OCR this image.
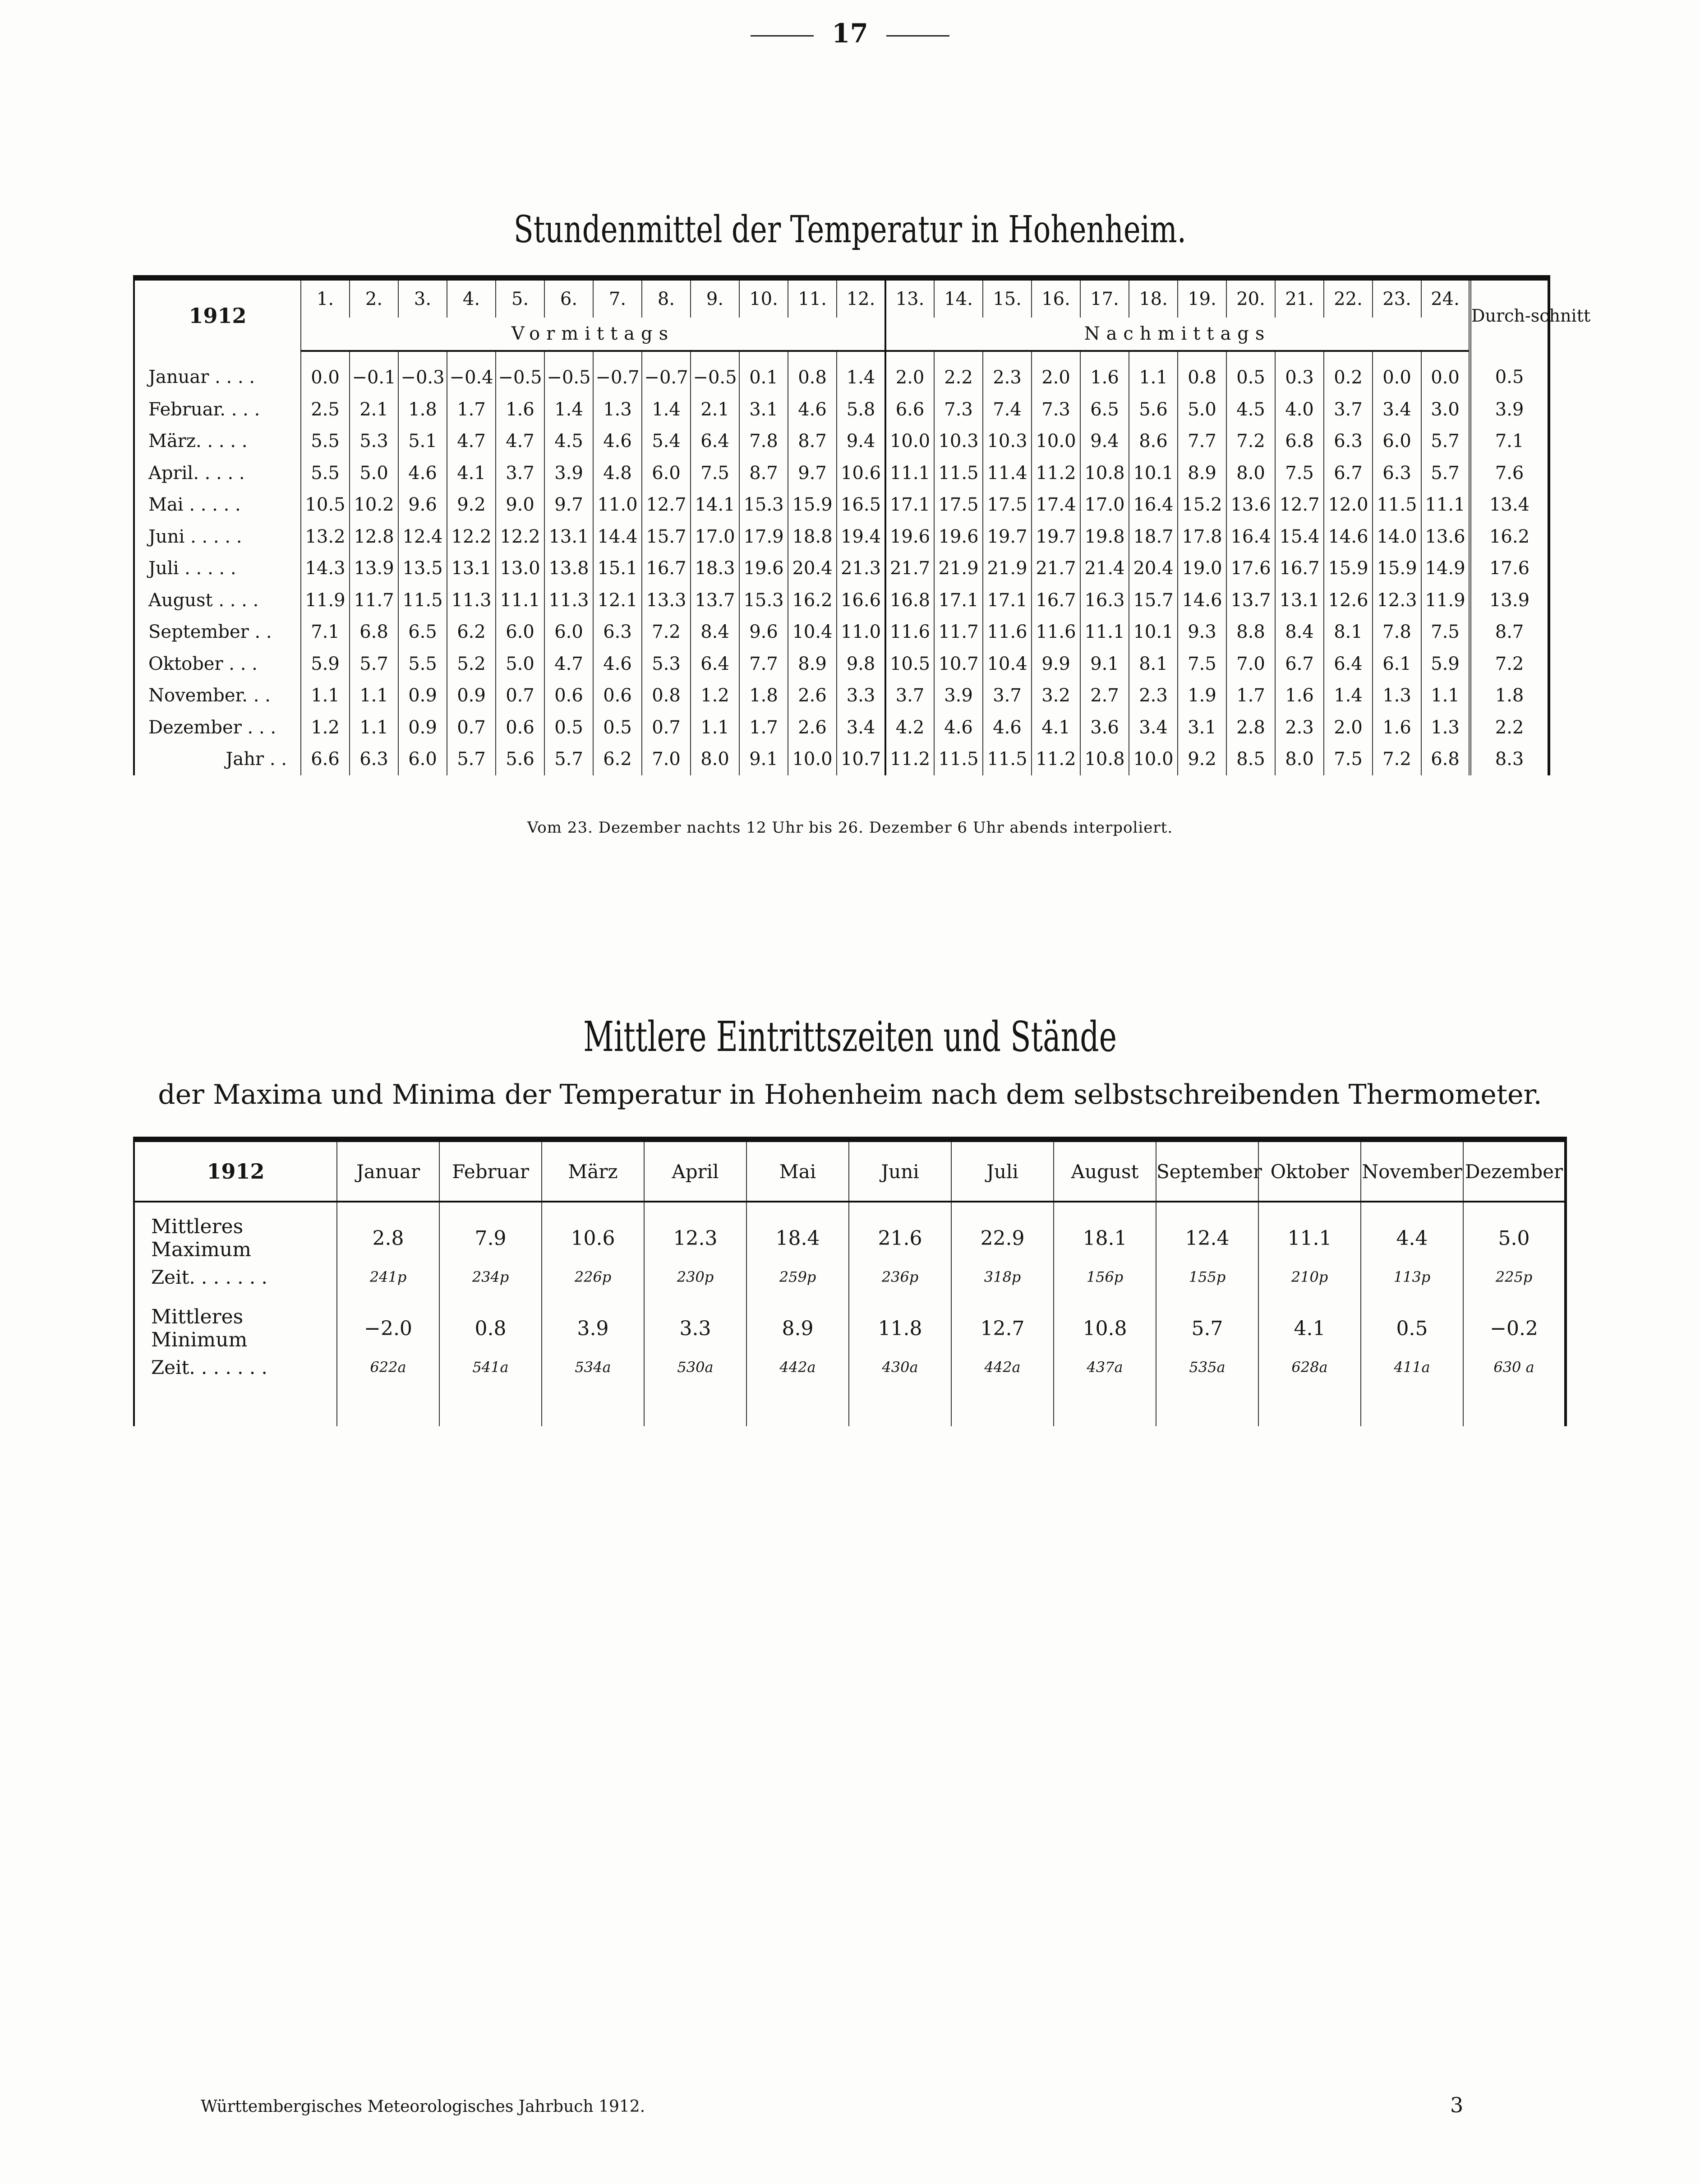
17
Stundenmittel der Temperatur in Hohenheim.
1912	1.	2.	3.	4.	5.	6.	7.	8.	9.	10.	11.	12.	13.	14.	15.	16.	17.	18.	19.	20.	21.	22.	23.	24.	Durch-schnitt
	Vormittags												Nachmittags												
Januar . . . .	0.0	−0.1	−0.3	−0.4	−0.5	−0.5	−0.7	−0.7	−0.5	0.1	0.8	1.4	2.0	2.2	2.3	2.0	1.6	1.1	0.8	0.5	0.3	0.2	0.0	0.0	0.5
Februar. . . .	2.5	2.1	1.8	1.7	1.6	1.4	1.3	1.4	2.1	3.1	4.6	5.8	6.6	7.3	7.4	7.3	6.5	5.6	5.0	4.5	4.0	3.7	3.4	3.0	3.9
März. . . . .	5.5	5.3	5.1	4.7	4.7	4.5	4.6	5.4	6.4	7.8	8.7	9.4	10.0	10.3	10.3	10.0	9.4	8.6	7.7	7.2	6.8	6.3	6.0	5.7	7.1
April. . . . .	5.5	5.0	4.6	4.1	3.7	3.9	4.8	6.0	7.5	8.7	9.7	10.6	11.1	11.5	11.4	11.2	10.8	10.1	8.9	8.0	7.5	6.7	6.3	5.7	7.6
Mai . . . . .	10.5	10.2	9.6	9.2	9.0	9.7	11.0	12.7	14.1	15.3	15.9	16.5	17.1	17.5	17.5	17.4	17.0	16.4	15.2	13.6	12.7	12.0	11.5	11.1	13.4
Juni . . . . .	13.2	12.8	12.4	12.2	12.2	13.1	14.4	15.7	17.0	17.9	18.8	19.4	19.6	19.6	19.7	19.7	19.8	18.7	17.8	16.4	15.4	14.6	14.0	13.6	16.2
Juli . . . . .	14.3	13.9	13.5	13.1	13.0	13.8	15.1	16.7	18.3	19.6	20.4	21.3	21.7	21.9	21.9	21.7	21.4	20.4	19.0	17.6	16.7	15.9	15.9	14.9	17.6
August . . . .	11.9	11.7	11.5	11.3	11.1	11.3	12.1	13.3	13.7	15.3	16.2	16.6	16.8	17.1	17.1	16.7	16.3	15.7	14.6	13.7	13.1	12.6	12.3	11.9	13.9
September . .	7.1	6.8	6.5	6.2	6.0	6.0	6.3	7.2	8.4	9.6	10.4	11.0	11.6	11.7	11.6	11.6	11.1	10.1	9.3	8.8	8.4	8.1	7.8	7.5	8.7
Oktober . . .	5.9	5.7	5.5	5.2	5.0	4.7	4.6	5.3	6.4	7.7	8.9	9.8	10.5	10.7	10.4	9.9	9.1	8.1	7.5	7.0	6.7	6.4	6.1	5.9	7.2
November. . .	1.1	1.1	0.9	0.9	0.7	0.6	0.6	0.8	1.2	1.8	2.6	3.3	3.7	3.9	3.7	3.2	2.7	2.3	1.9	1.7	1.6	1.4	1.3	1.1	1.8
Dezember . . .	1.2	1.1	0.9	0.7	0.6	0.5	0.5	0.7	1.1	1.7	2.6	3.4	4.2	4.6	4.6	4.1	3.6	3.4	3.1	2.8	2.3	2.0	1.6	1.3	2.2
Jahr . .	6.6	6.3	6.0	5.7	5.6	5.7	6.2	7.0	8.0	9.1	10.0	10.7	11.2	11.5	11.5	11.2	10.8	10.0	9.2	8.5	8.0	7.5	7.2	6.8	8.3
Vom 23. Dezember nachts 12 Uhr bis 26. Dezember 6 Uhr abends interpoliert.
Mittlere Eintrittszeiten und Stände
der Maxima und Minima der Temperatur in Hohenheim nach dem selbstschreibenden Thermometer.
1912	Januar	Februar	März	April	Mai	Juni	Juli	August	September	Oktober	November	Dezember
Mittleres Maximum	2.8	7.9	10.6	12.3	18.4	21.6	22.9	18.1	12.4	11.1	4.4	5.0
Zeit. . . . . . .	241p	234p	226p	230p	259p	236p	318p	156p	155p	210p	113p	225p
Mittleres Minimum	−2.0	0.8	3.9	3.3	8.9	11.8	12.7	10.8	5.7	4.1	0.5	−0.2
Zeit. . . . . . .	622a	541a	534a	530a	442a	430a	442a	437a	535a	628a	411a	630 a

Württembergisches Meteorologisches Jahrbuch 1912.	3
